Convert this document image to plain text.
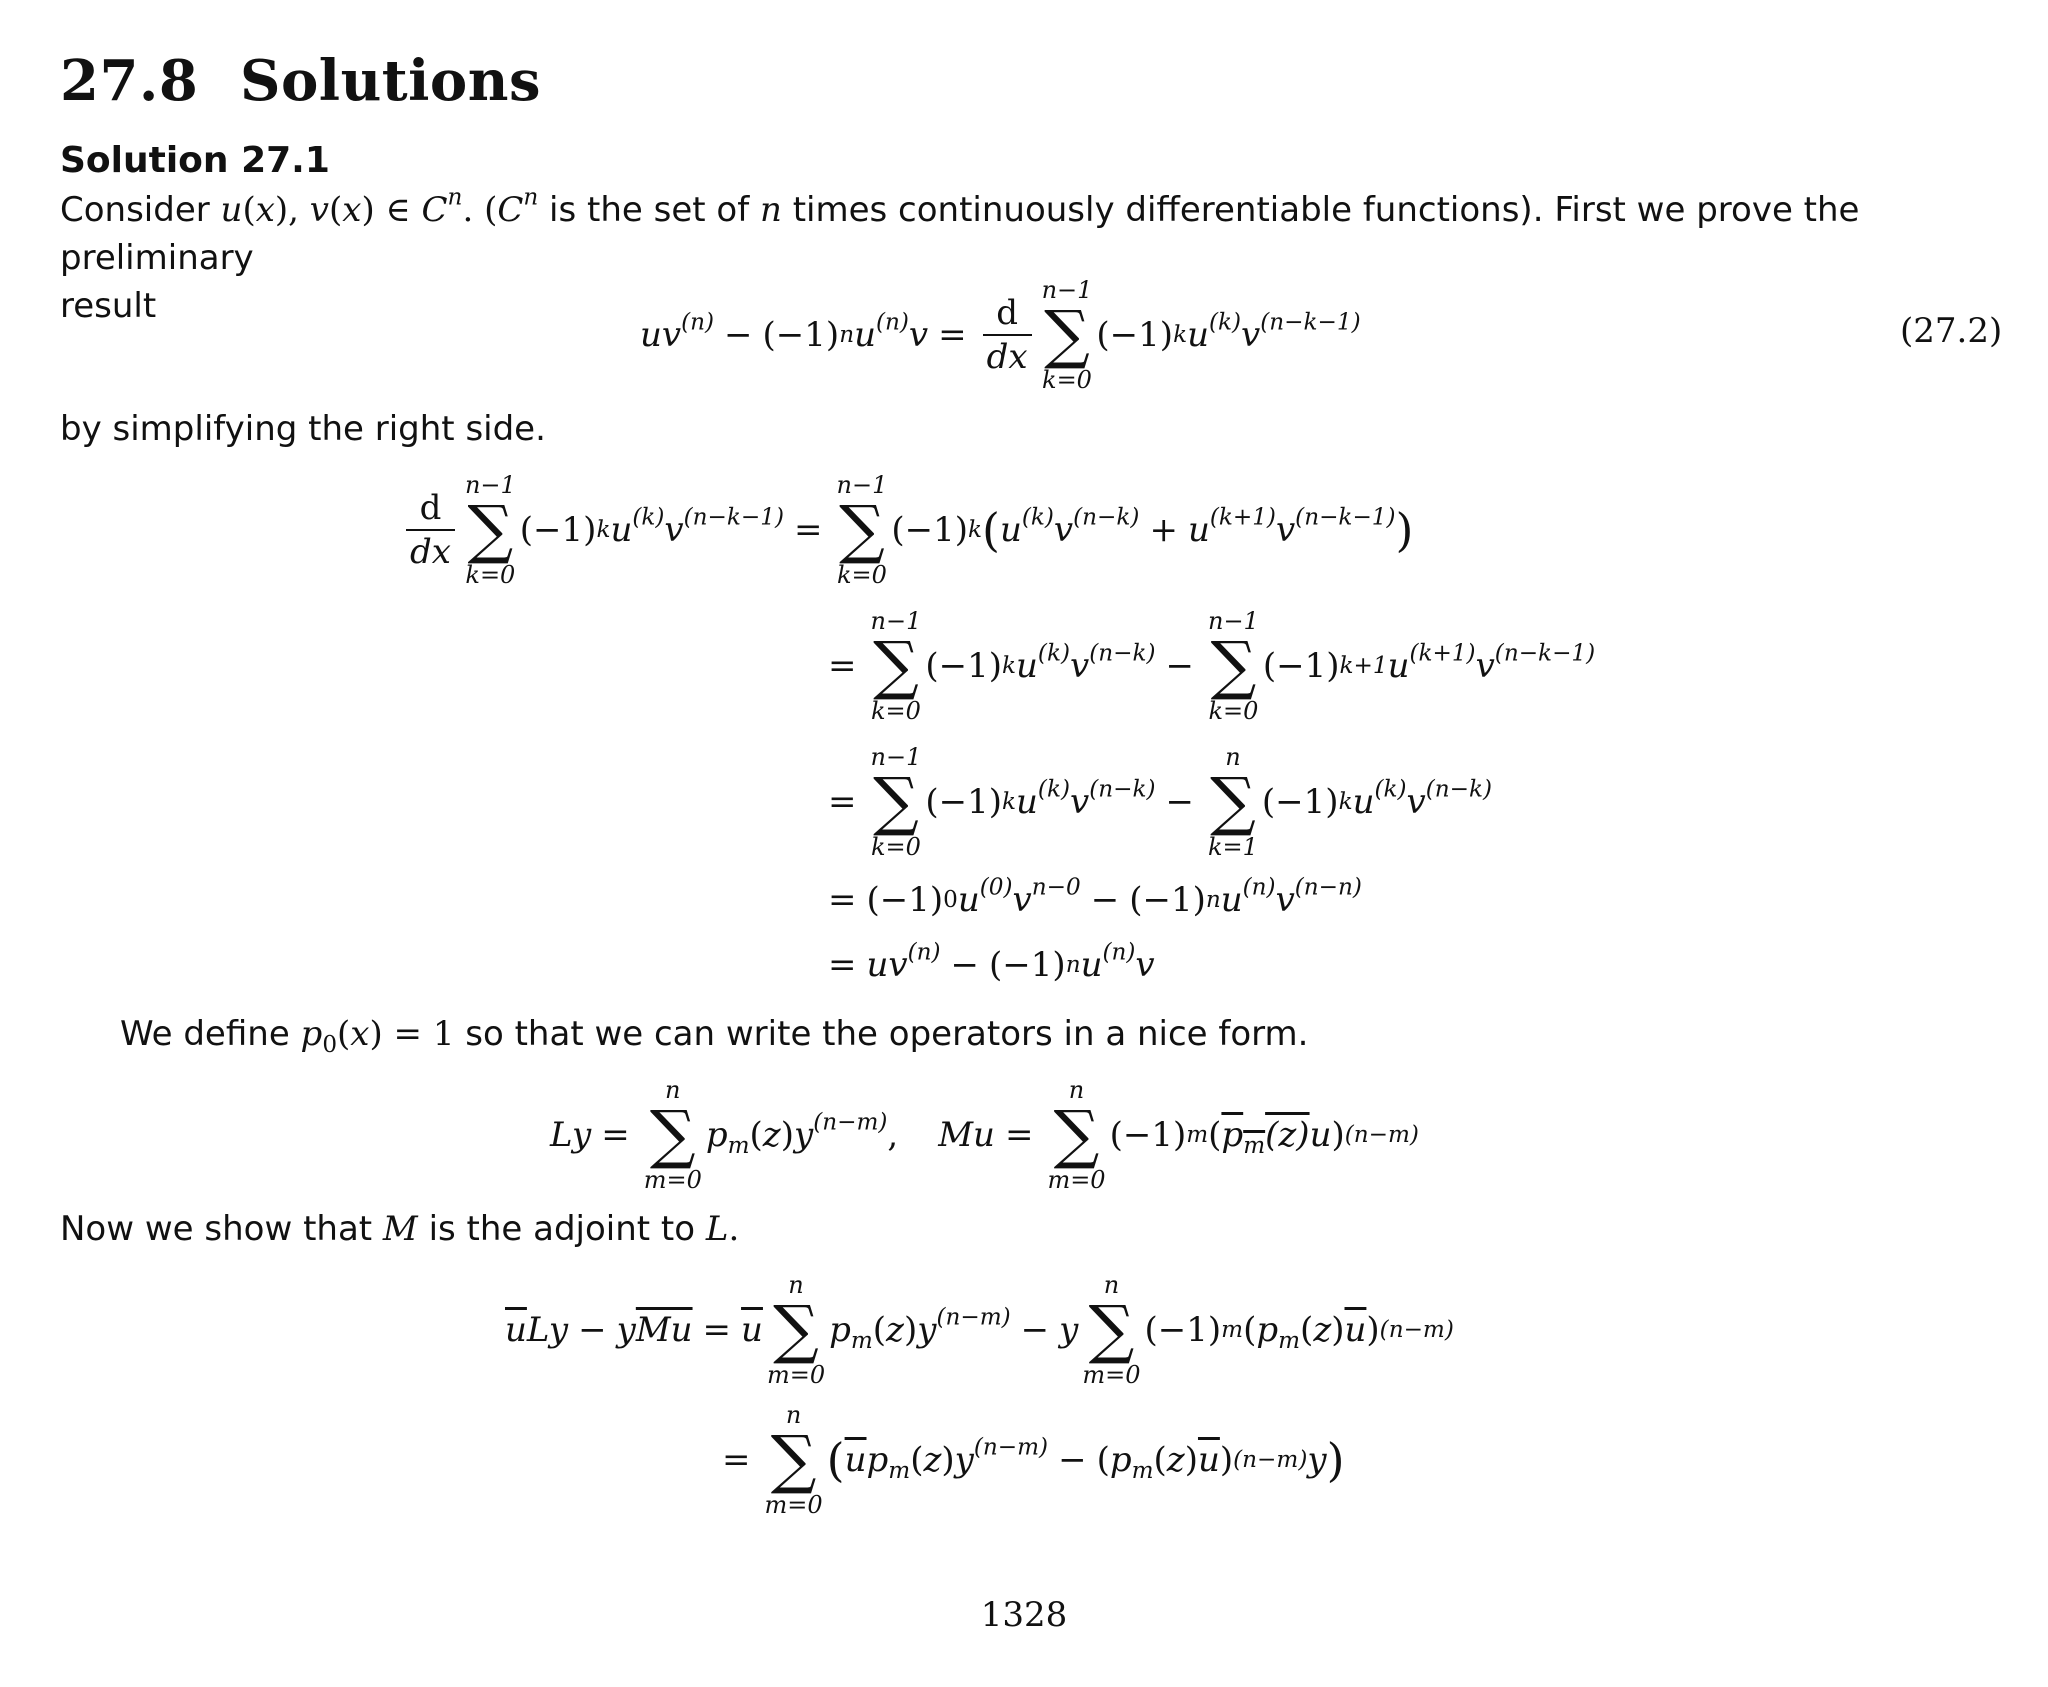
27.8 Solutions
Solution 27.1
Consider u(x), v(x) ∈ $C^n$. ($C^n$ is the set of n times continuously differentiable functions). First we prove the preliminary
result
$uv^{(n)} - (-1)$ n $u^{(n)}v = \frac{d}{dx}$
n−1
∑
k=0
(−1) k $u^{(k)}v^{(n-k-1)}$	(27.2)
by simplifying the right side.
$\frac{d}{dx}$
n−1
∑
k=0
(−1) k $u^{(k)}v^{(n-k-1)}$ =
n−1
∑
k=0
(−1) k ( $u^{(k)}v^{(n-k)} + u^{(k+1)}v^{(n-k-1)}$ )
=
n−1
∑
k=0
(−1) k $u^{(k)}v^{(n-k)}$ −
n−1
∑
k=0
(−1) k+1 $u^{(k+1)}v^{(n-k-1)}$
=
n−1
∑
k=0
(−1) k $u^{(k)}v^{(n-k)}$ −
n
∑
k=1
(−1) k $u^{(k)}v^{(n-k)}$
= (−1) 0 $u^{(0)}v^{n-0} - (-1)$ n $u^{(n)}v^{(n-n)}$
= $uv^{(n)} - (-1)$ n $u^{(n)}v$
We define $p_0(x) = 1$ so that we can write the operators in a nice form.
Ly =
n
∑
m=0
$p_m$ ( z ) $y^{(n-m)}$ , Mu =
n
∑
m=0
(−1) m ( $p_m(z)$ u ) (n−m)
Now we show that M is the adjoint to L.
$\overline{u}$ Ly − y $\overline{Mu} = \overline{u}$
n
∑
m=0
$p_m$ ( z ) $y^{(n-m)} - y$
n
∑
m=0
(−1) m ( $p_m$ ( z ) $\overline{u}$ ) (n−m)
=
n
∑
m=0
( $\overline{u}$ $p_m$ ( z ) $y^{(n-m)}$ − ( $p_m$ ( z ) $\overline{u}$ ) (n−m) y )
1328
